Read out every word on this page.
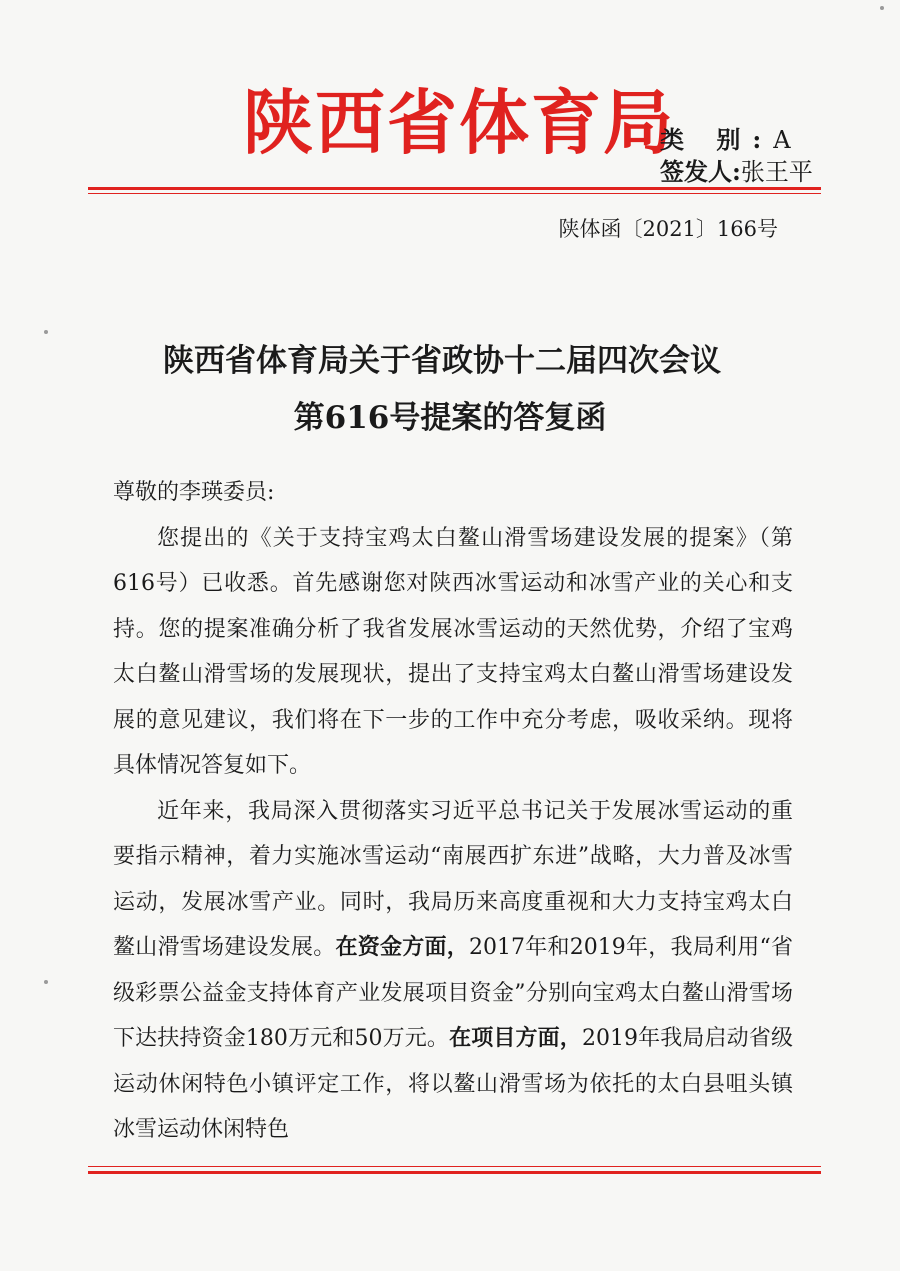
陕西省体育局
类 别:A
签发人:张王平
陕体函〔2021〕166号
陕西省体育局关于省政协十二届四次会议
第616号提案的答复函

尊敬的李瑛委员:

您提出的《关于支持宝鸡太白鳌山滑雪场建设发展的提案》（第616号）已收悉。首先感谢您对陕西冰雪运动和冰雪产业的关心和支持。您的提案准确分析了我省发展冰雪运动的天然优势，介绍了宝鸡太白鳌山滑雪场的发展现状，提出了支持宝鸡太白鳌山滑雪场建设发展的意见建议，我们将在下一步的工作中充分考虑，吸收采纳。现将具体情况答复如下。

近年来，我局深入贯彻落实习近平总书记关于发展冰雪运动的重要指示精神，着力实施冰雪运动“南展西扩东进”战略，大力普及冰雪运动，发展冰雪产业。同时，我局历来高度重视和大力支持宝鸡太白鳌山滑雪场建设发展。在资金方面，2017年和2019年，我局利用“省级彩票公益金支持体育产业发展项目资金”分别向宝鸡太白鳌山滑雪场下达扶持资金180万元和50万元。在项目方面，2019年我局启动省级运动休闲特色小镇评定工作，将以鳌山滑雪场为依托的太白县咀头镇冰雪运动休闲特色
